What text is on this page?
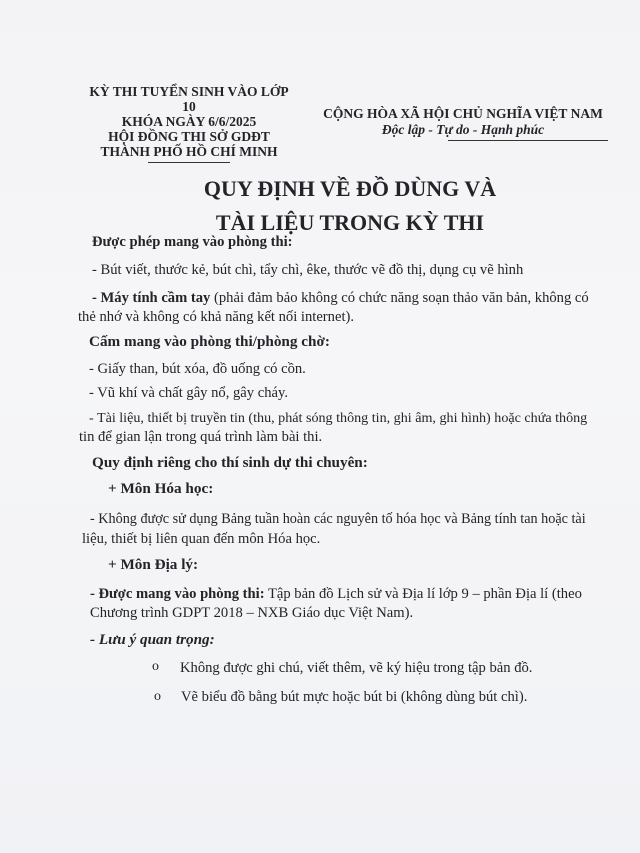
KỲ THI TUYỂN SINH VÀO LỚP 10
KHÓA NGÀY 6/6/2025
HỘI ĐỒNG THI SỞ GDĐT
THÀNH PHỐ HỒ CHÍ MINH
CỘNG HÒA XÃ HỘI CHỦ NGHĨA VIỆT NAM
Độc lập - Tự do - Hạnh phúc
QUY ĐỊNH VỀ ĐỒ DÙNG VÀ
TÀI LIỆU TRONG KỲ THI
Được phép mang vào phòng thi:
- Bút viết, thước kẻ, bút chì, tẩy chì, êke, thước vẽ đồ thị, dụng cụ vẽ hình
- Máy tính cầm tay (phải đảm bảo không có chức năng soạn thảo văn bản, không có
thẻ nhớ và không có khả năng kết nối internet).
Cấm mang vào phòng thi/phòng chờ:
- Giấy than, bút xóa, đồ uống có cồn.
- Vũ khí và chất gây nổ, gây cháy.
- Tài liệu, thiết bị truyền tin (thu, phát sóng thông tin, ghi âm, ghi hình) hoặc chứa thông
tin để gian lận trong quá trình làm bài thi.
Quy định riêng cho thí sinh dự thi chuyên:
+ Môn Hóa học:
- Không được sử dụng Bảng tuần hoàn các nguyên tố hóa học và Bảng tính tan hoặc tài
liệu, thiết bị liên quan đến môn Hóa học.
+ Môn Địa lý:
- Được mang vào phòng thi: Tập bản đồ Lịch sử và Địa lí lớp 9 – phần Địa lí (theo
Chương trình GDPT 2018 – NXB Giáo dục Việt Nam).
- Lưu ý quan trọng:
o Không được ghi chú, viết thêm, vẽ ký hiệu trong tập bản đồ.
o Vẽ biểu đồ bằng bút mực hoặc bút bi (không dùng bút chì).
